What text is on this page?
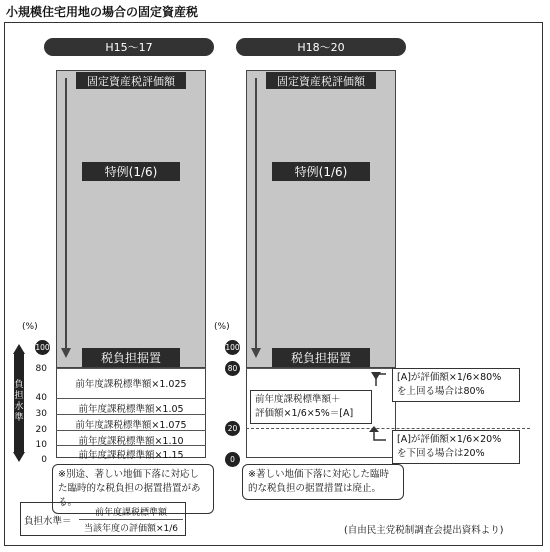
小規模住宅用地の場合の固定資産税
H15〜17
固定資産税評価額
特例(1/6)
税負担据置
前年度課税標準額×1.025
前年度課税標準額×1.05
前年度課税標準額×1.075
前年度課税標準額×1.10
前年度課税標準額×1.15
(%)
100
80
40
30
20
10
0
負担水準
※別途、著しい地価下落に対応した臨時的な税負担の据置措置がある。
H18〜20
固定資産税評価額
特例(1/6)
税負担据置
前年度課税標準額＋
評価額×1/6×5%＝[A]
(%)
100
80
20
0
[A]が評価額×1/6×80%
を上回る場合は80%
[A]が評価額×1/6×20%
を下回る場合は20%
※著しい地価下落に対応した臨時的な税負担の据置措置は廃止。
負担水準＝
前年度課税標準額
当該年度の評価額×1/6	(自由民主党税制調査会提出資料より)
